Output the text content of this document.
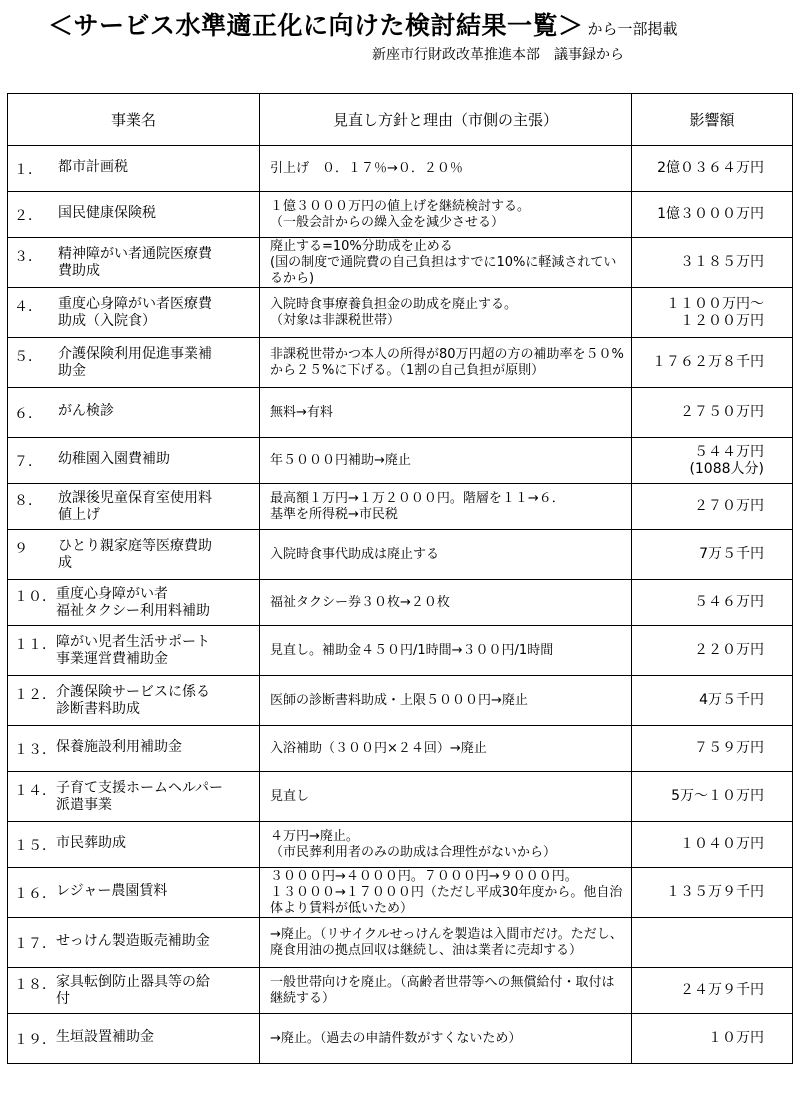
＜サービス水準適正化に向けた検討結果一覧＞ から一部掲載
新座市行財政改革推進本部　議事録から
事業名	見直し方針と理由（市側の主張）	影響額
１． 都市計画税	引上げ　０．１７％→０．２０％	2億０３６４万円
２． 国民健康保険税	１億３０００万円の値上げを継続検討する。
（一般会計からの繰入金を減少させる）	1億３０００万円
３． 精神障がい者通院医療費
費助成	廃止する=10%分助成を止める
(国の制度で通院費の自己負担はすでに10%に軽減されているから)	３１８５万円
４． 重度心身障がい者医療費
助成（入院食）	入院時食事療養負担金の助成を廃止する。
（対象は非課税世帯）	１１００万円〜
１２００万円
５． 介護保険利用促進事業補
助金	非課税世帯かつ本人の所得が80万円超の方の補助率を５０%から２５%に下げる。（1割の自己負担が原則）	１７６２万８千円
６． がん検診	無料→有料	２７５０万円
７． 幼稚園入園費補助	年５０００円補助→廃止	５４４万円
(1088人分)
８． 放課後児童保育室使用料
値上げ	最高額１万円→１万２０００円。階層を１１→６．
基準を所得税→市民税	２７０万円
９ ひとり親家庭等医療費助
成	入院時食事代助成は廃止する	7万５千円
１０．重度心身障がい者
福祉タクシー利用料補助	福祉タクシー券３０枚→２０枚	５４６万円
１１．障がい児者生活サポート
事業運営費補助金	見直し。補助金４５０円/1時間→３００円/1時間	２２０万円
１２．介護保険サービスに係る
診断書料助成	医師の診断書料助成・上限５０００円→廃止	4万５千円
１３．保養施設利用補助金	入浴補助（３００円×２４回）→廃止	７５９万円
１４．子育て支援ホームヘルパー
派遣事業	見直し	5万〜１０万円
１５．市民葬助成	４万円→廃止。
（市民葬利用者のみの助成は合理性がないから）	１０４０万円
１６．レジャー農園賃料	３０００円→４０００円。７０００円→９０００円。
１３０００→１７０００円（ただし平成30年度から。他自治体より賃料が低いため）	１３５万９千円
１７．せっけん製造販売補助金	→廃止。（リサイクルせっけんを製造は入間市だけ。ただし、廃食用油の拠点回収は継続し、油は業者に売却する）	
１８．家具転倒防止器具等の給
付	一般世帯向けを廃止。（高齢者世帯等への無償給付・取付は継続する）	２４万９千円
１９．生垣設置補助金	→廃止。（過去の申請件数がすくないため）	１０万円
